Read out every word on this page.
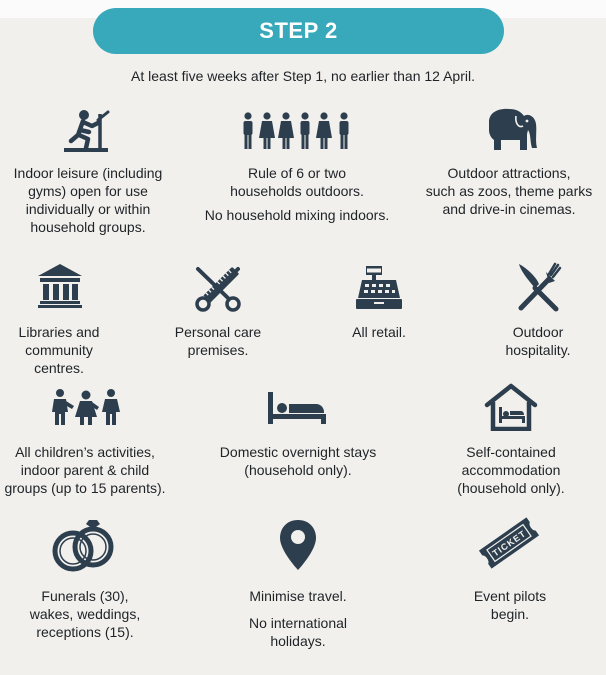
STEP 2
At least five weeks after Step 1, no earlier than 12 April.
Indoor leisure (including
gyms) open for use
individually or within
household groups.
Rule of 6 or two
households outdoors.
No household mixing indoors.
Outdoor attractions,
such as zoos, theme parks
and drive-in cinemas.
Libraries and
community centres.
Personal care
premises.
All retail.	Outdoor
hospitality.
All children’s activities,
indoor parent & child
groups (up to 15 parents).
Domestic overnight stays
(household only).
Self-contained
accommodation
(household only).
Funerals (30),
wakes, weddings,
receptions (15).
Minimise travel.
No international
holidays.
TICKET
Event pilots
begin.
